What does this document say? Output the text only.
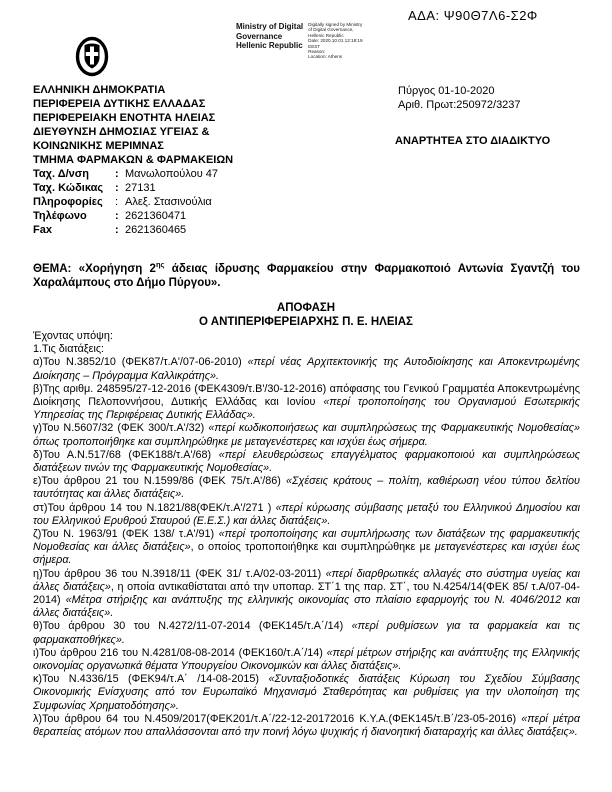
ΑΔΑ: Ψ90Θ7Λ6-Σ2Φ
Ministry of Digital
Governance
Hellenic Republic
Digitally signed by Ministry
of Digital Governance,
Hellenic Republic
Date: 2020.10.01 12:18:19
EEST
Reason:
Location: Athens
ΕΛΛΗΝΙΚΗ ΔΗΜΟΚΡΑΤΙΑ
ΠΕΡΙΦΕΡΕΙΑ ΔΥΤΙΚΗΣ ΕΛΛΑΔΑΣ
ΠΕΡΙΦΕΡΕΙΑΚΗ ΕΝΟΤΗΤΑ ΗΛΕΙΑΣ
ΔΙΕΥΘΥΝΣΗ ΔΗΜΟΣΙΑΣ ΥΓΕΙΑΣ &
ΚΟΙΝΩΝΙΚΗΣ ΜΕΡΙΜΝΑΣ
ΤΜΗΜΑ ΦΑΡΜΑΚΩΝ & ΦΑΡΜΑΚΕΙΩΝ
Ταχ. Δ/νση	: Μανωλοπούλου 47
Ταχ. Κώδικας	: 27131
Πληροφορίες	: Αλεξ. Στασινούλια
Τηλέφωνο	: 2621360471
Fax	: 2621360465
Πύργος 01-10-2020
Αριθ. Πρωτ:250972/3237
ΑΝΑΡΤΗΤΕΑ ΣΤΟ ΔΙΑΔΙΚΤΥΟ
ΘΕΜΑ: «Χορήγηση $2^{\eta\varsigma}$ άδειας ίδρυσης Φαρμακείου στην Φαρμακοποιό Αντωνία Σγαντζή του Χαραλάμπους στο Δήμο Πύργου».
ΑΠΟΦΑΣΗ
Ο ΑΝΤΙΠΕΡΙΦΕΡΕΙΑΡΧΗΣ Π. Ε. ΗΛΕΙΑΣ

Έχοντας υπόψη:

1.Τις διατάξεις:

α)Του Ν.3852/10 (ΦΕΚ87/τ.Α'/07-06-2010) «περί νέας Αρχιτεκτονικής της Αυτοδιοίκησης και Αποκεντρωμένης Διοίκησης – Πρόγραμμα Καλλικράτης».

β)Της αριθμ. 248595/27-12-2016 (ΦΕΚ4309/τ.Β'/30-12-2016) απόφασης του Γενικού Γραμματέα Αποκεντρωμένης Διοίκησης Πελοποννήσου, Δυτικής Ελλάδας και Ιονίου «περί τροποποίησης του Οργανισμού Εσωτερικής Υπηρεσίας της Περιφέρειας Δυτικής Ελλάδας».

γ)Του Ν.5607/32 (ΦΕΚ 300/τ.Α'/32) «περί κωδικοποιήσεως και συμπληρώσεως της Φαρμακευτικής Νομοθεσίας» όπως τροποποιήθηκε και συμπληρώθηκε με μεταγενέστερες και ισχύει έως σήμερα.

δ)Του Α.Ν.517/68 (ΦΕΚ188/τ.Α'/68) «περί ελευθερώσεως επαγγέλματος φαρμακοποιού και συμπληρώσεως διατάξεων τινών της Φαρμακευτικής Νομοθεσίας».

ε)Του άρθρου 21 του Ν.1599/86 (ΦΕΚ 75/τ.Α'/86) «Σχέσεις κράτους – πολίτη, καθιέρωση νέου τύπου δελτίου ταυτότητας και άλλες διατάξεις».

στ)Του άρθρου 14 του Ν.1821/88(ΦΕΚ/τ.Α'/271 ) «περί κύρωσης σύμβασης μεταξύ του Ελληνικού Δημοσίου και του Ελληνικού Ερυθρού Σταυρού (Ε.Ε.Σ.) και άλλες διατάξεις».

ζ)Του Ν. 1963/91 (ΦΕΚ 138/ τ.Α'/91) «περί τροποποίησης και συμπλήρωσης των διατάξεων της φαρμακευτικής Νομοθεσίας και άλλες διατάξεις», ο οποίος τροποποιήθηκε και συμπληρώθηκε με μεταγενέστερες και ισχύει έως σήμερα.

η)Του άρθρου 36 του Ν.3918/11 (ΦΕΚ 31/ τ.Α/02-03-2011) «περί διαρθρωτικές αλλαγές στο σύστημα υγείας και άλλες διατάξεις», η οποία αντικαθίσταται από την υποπαρ. ΣΤ΄1 της παρ. ΣΤ΄, του Ν.4254/14(ΦΕΚ 85/ τ.Α/07-04-2014) «Μέτρα στήριξης και ανάπτυξης της ελληνικής οικονομίας στο πλαίσιο εφαρμογής του Ν. 4046/2012 και άλλες διατάξεις».

θ)Του άρθρου 30 του Ν.4272/11-07-2014 (ΦΕΚ145/τ.Α΄/14) «περί ρυθμίσεων για τα φαρμακεία και τις φαρμακαποθήκες».

ι)Του άρθρου 216 του Ν.4281/08-08-2014 (ΦΕΚ160/τ.Α΄/14) «περί μέτρων στήριξης και ανάπτυξης της Ελληνικής οικονομίας οργανωτικά θέματα Υπουργείου Οικονομικών και άλλες διατάξεις».

κ)Του Ν.4336/15 (ΦΕΚ94/τ.Α΄ /14-08-2015) «Συνταξιοδοτικές διατάξεις Κύρωση του Σχεδίου Σύμβασης Οικονομικής Ενίσχυσης από τον Ευρωπαϊκό Μηχανισμό Σταθερότητας και ρυθμίσεις για την υλοποίηση της Συμφωνίας Χρηματοδότησης».

λ)Του άρθρου 64 του Ν.4509/2017(ΦΕΚ201/τ.Α΄/22-12-20172016 Κ.Υ.Α.(ΦΕΚ145/τ.Β΄/23-05-2016) «περί μέτρα θεραπείας ατόμων που απαλλάσσονται από την ποινή λόγω ψυχικής ή διανοητική διαταραχής και άλλες διατάξεις».
